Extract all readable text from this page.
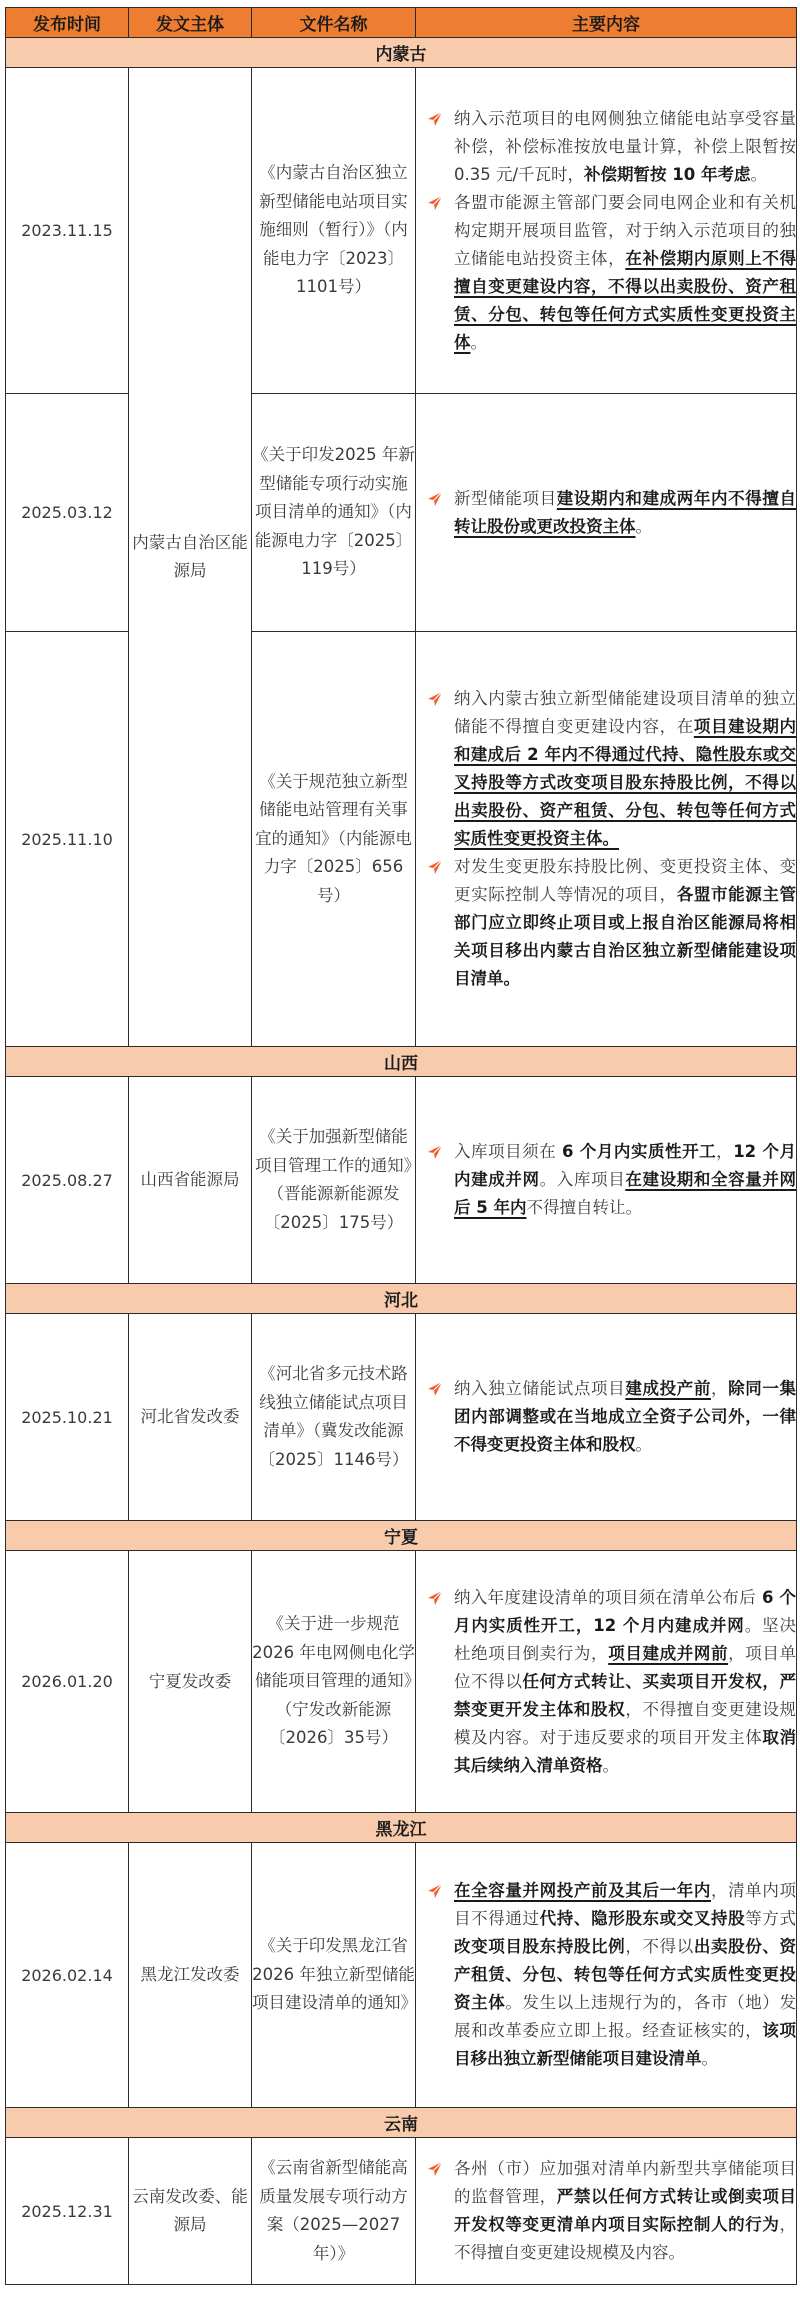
发布时间	发文主体	文件名称	主要内容
内蒙古			
2023.11.15	内蒙古自治区能源局	《内蒙古自治区独立新型储能电站项目实施细则（暂行）》（内能电力字〔2023〕 1101号）	纳入示范项目的电网侧独立储能电站享受容量补偿，补偿标准按放电量计算，补偿上限暂按 0.35 元/千瓦时，补偿期暂按 10 年考虑。
各盟市能源主管部门要会同电网企业和有关机构定期开展项目监管，对于纳入示范项目的独立储能电站投资主体，在补偿期内原则上不得擅自变更建设内容，不得以出卖股份、资产租赁、分包、转包等任何方式实质性变更投资主体。

2025.03.12		《关于印发2025 年新型储能专项行动实施项目清单的通知》（内能源电力字〔2025〕119号）	新型储能项目建设期内和建成两年内不得擅自转让股份或更改投资主体。

2025.11.10		《关于规范独立新型储能电站管理有关事宜的通知》（内能源电力字〔2025〕656号）	纳入内蒙古独立新型储能建设项目清单的独立储能不得擅自变更建设内容，在项目建设期内和建成后 2 年内不得通过代持、隐性股东或交叉持股等方式改变项目股东持股比例，不得以出卖股份、资产租赁、分包、转包等任何方式实质性变更投资主体。
对发生变更股东持股比例、变更投资主体、变更实际控制人等情况的项目，各盟市能源主管部门应立即终止项目或上报自治区能源局将相关项目移出内蒙古自治区独立新型储能建设项目清单。

山西			
2025.08.27	山西省能源局	《关于加强新型储能项目管理工作的通知》（晋能源新能源发〔2025〕175号）	入库项目须在 6 个月内实质性开工，12 个月内建成并网。入库项目在建设期和全容量并网后 5 年内不得擅自转让。

河北			
2025.10.21	河北省发改委	《河北省多元技术路线独立储能试点项目清单》（冀发改能源〔2025〕1146号）	纳入独立储能试点项目建成投产前，除同一集团内部调整或在当地成立全资子公司外，一律不得变更投资主体和股权。

宁夏			
2026.01.20	宁夏发改委	《关于进一步规范 2026 年电网侧电化学储能项目管理的通知》（宁发改新能源〔2026〕35号）	纳入年度建设清单的项目须在清单公布后 6 个月内实质性开工，12 个月内建成并网。坚决杜绝项目倒卖行为，项目建成并网前，项目单位不得以任何方式转让、买卖项目开发权，严禁变更开发主体和股权，不得擅自变更建设规模及内容。对于违反要求的项目开发主体取消其后续纳入清单资格。

黑龙江			
2026.02.14	黑龙江发改委	《关于印发黑龙江省 2026 年独立新型储能项目建设清单的通知》	在全容量并网投产前及其后一年内，清单内项目不得通过代持、隐形股东或交叉持股等方式改变项目股东持股比例，不得以出卖股份、资产租赁、分包、转包等任何方式实质性变更投资主体。发生以上违规行为的，各市（地）发展和改革委应立即上报。经查证核实的，该项目移出独立新型储能项目建设清单。

云南			
2025.12.31	云南发改委、能源局	《云南省新型储能高质量发展专项行动方案（2025—2027 年）》	各州（市）应加强对清单内新型共享储能项目的监督管理，严禁以任何方式转让或倒卖项目开发权等变更清单内项目实际控制人的行为，不得擅自变更建设规模及内容。
